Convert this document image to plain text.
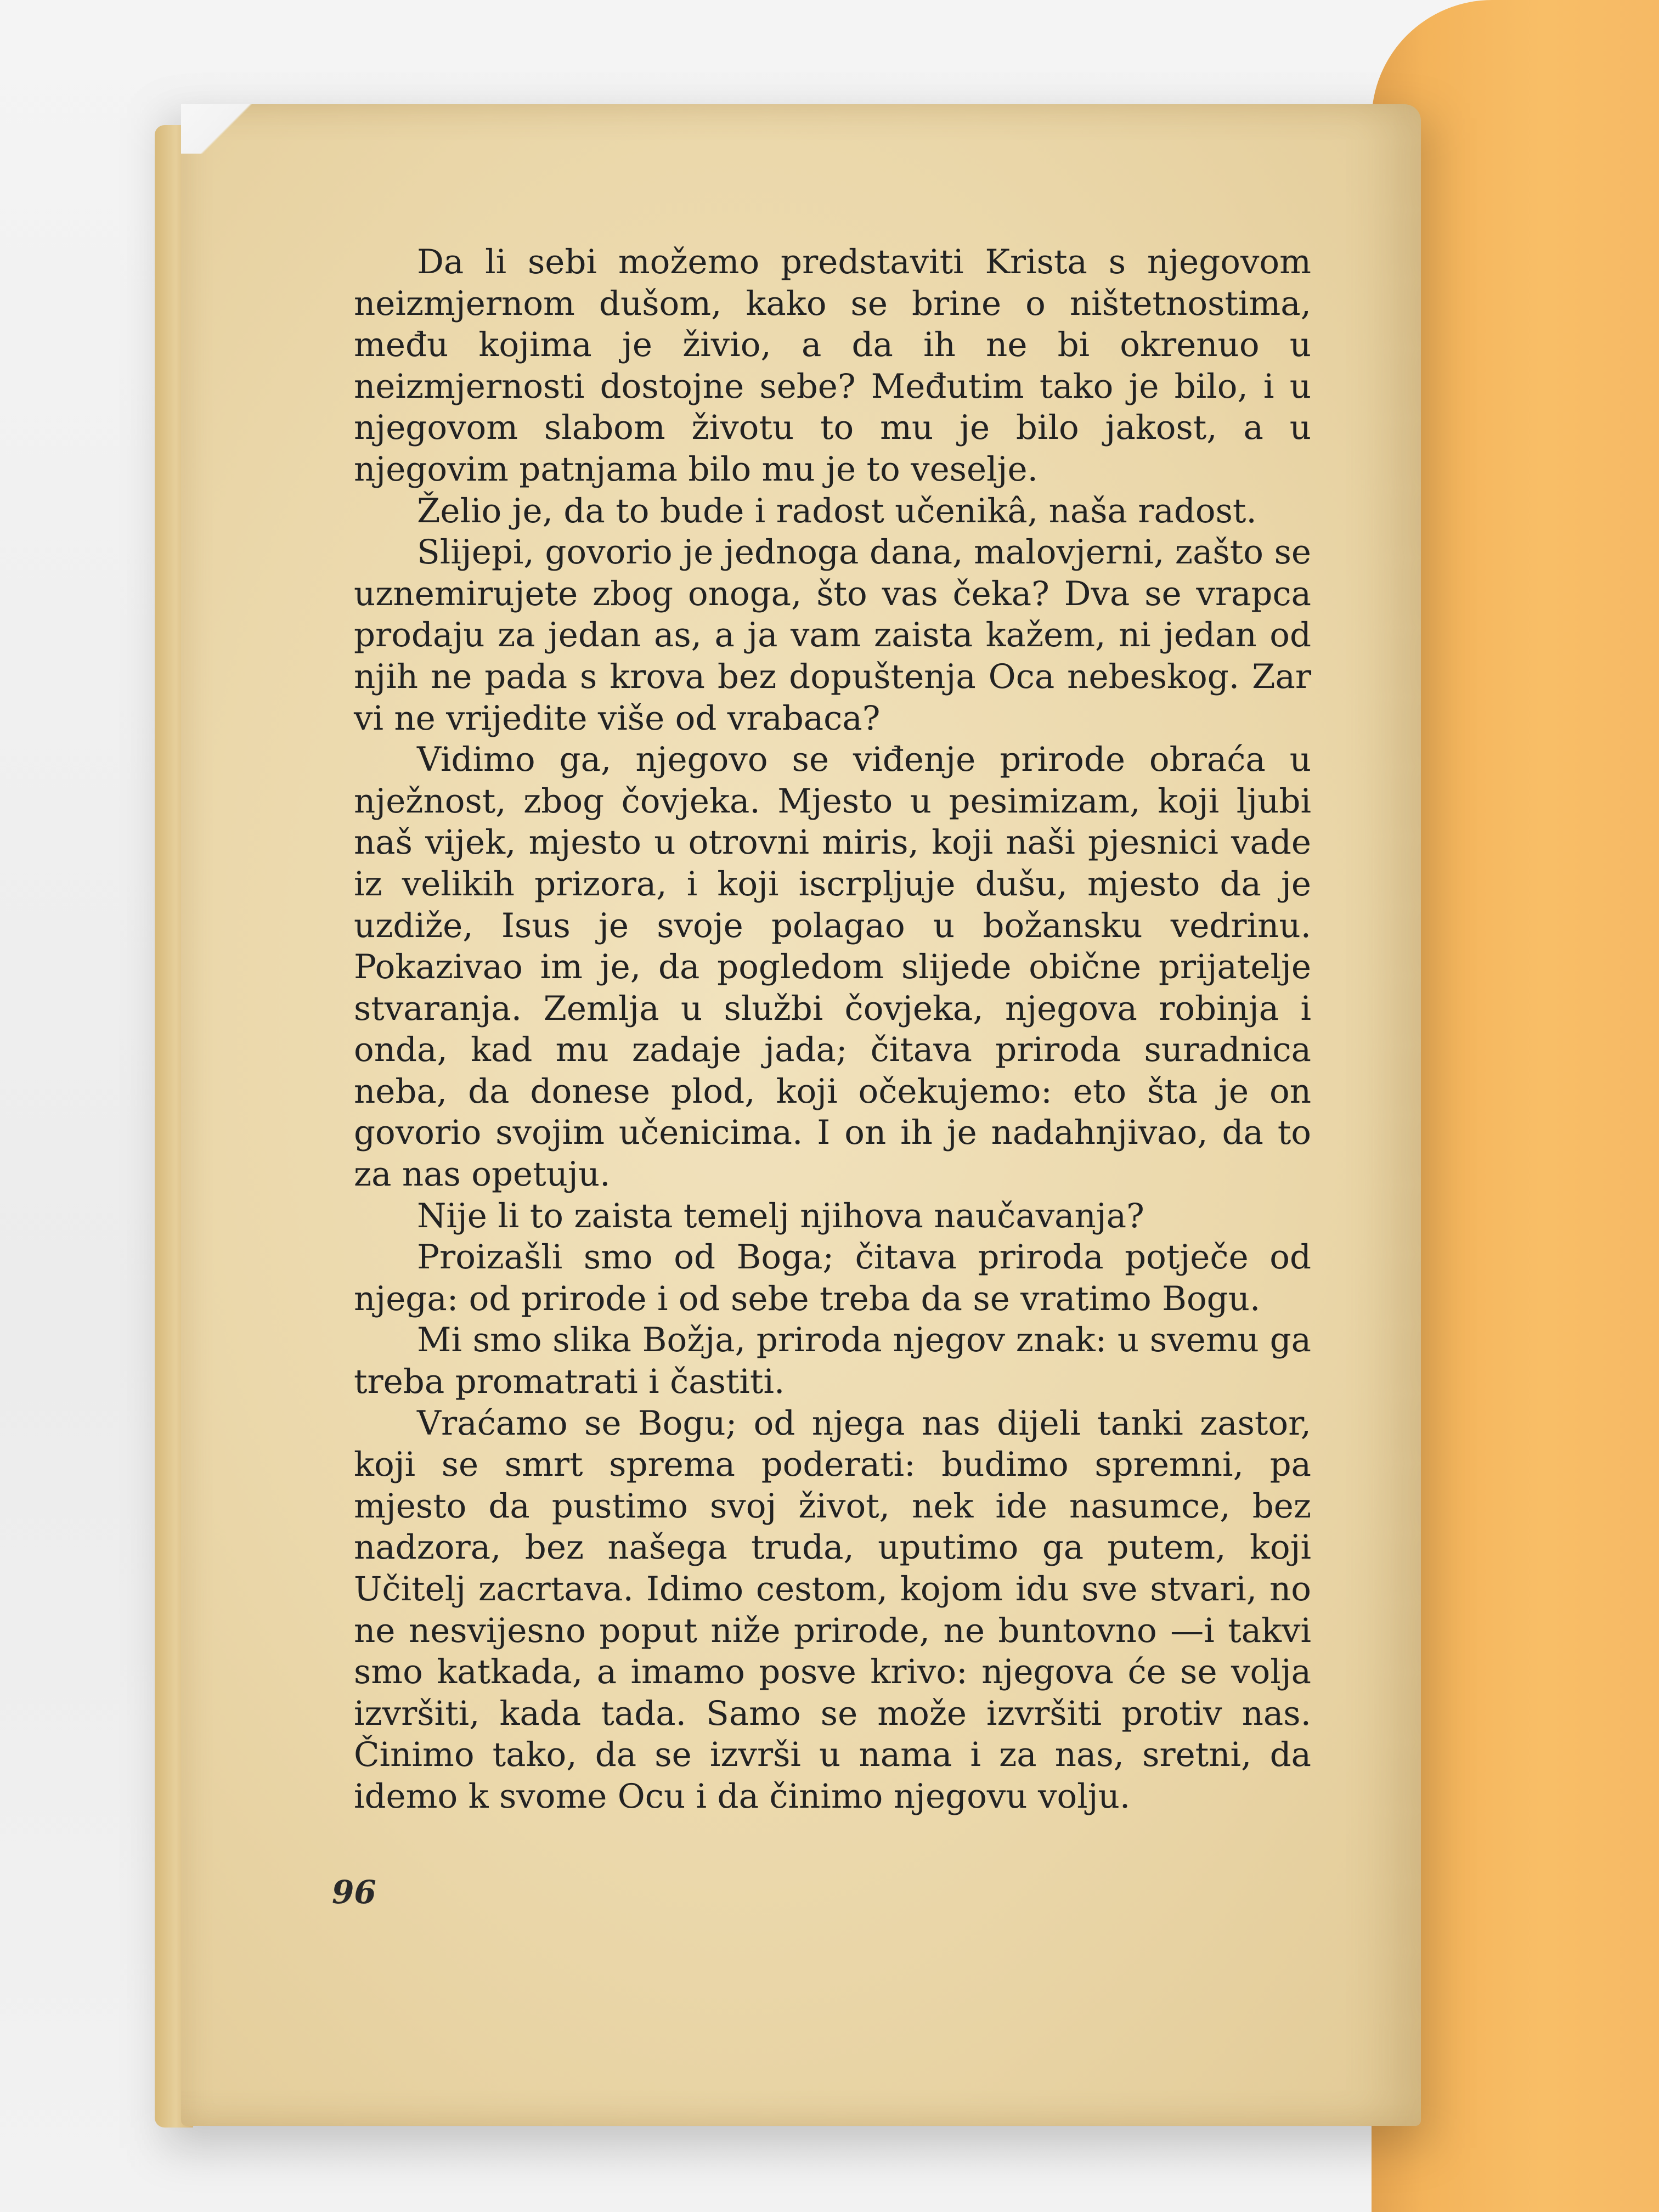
Da li sebi možemo predstaviti Krista s njegovom neizmjernom dušom, kako se brine o ništetnostima, među kojima je živio, a da ih ne bi okrenuo u neizmjernosti dostojne sebe? Međutim tako je bilo, i u njegovom slabom životu to mu je bilo jakost, a u njegovim patnjama bilo mu je to veselje.

Želio je, da to bude i radost učenikâ, naša radost.

Slijepi, govorio je jednoga dana, malovjerni, zašto se uznemirujete zbog onoga, što vas čeka? Dva se vrapca prodaju za jedan as, a ja vam zaista kažem, ni jedan od njih ne pada s krova bez dopuštenja Oca nebeskog. Zar vi ne vrijedite više od vrabaca?

Vidimo ga, njegovo se viđenje prirode obraća u nježnost, zbog čovjeka. Mjesto u pesimizam, koji ljubi naš vijek, mjesto u otrovni miris, koji naši pjesnici vade iz velikih prizora, i koji iscrpljuje dušu, mjesto da je uzdiže, Isus je svoje polagao u božansku vedrinu. Pokazivao im je, da pogledom slijede obične prijatelje stvaranja. Zemlja u službi čovjeka, njegova robinja i onda, kad mu zadaje jada; čitava priroda suradnica neba, da donese plod, koji očekujemo: eto šta je on govorio svojim učenicima. I on ih je nadahnjivao, da to za nas opetuju.

Nije li to zaista temelj njihova naučavanja?

Proizašli smo od Boga; čitava priroda potječe od njega: od prirode i od sebe treba da se vratimo Bogu.

Mi smo slika Božja, priroda njegov znak: u svemu ga treba promatrati i častiti.

Vraćamo se Bogu; od njega nas dijeli tanki zastor, koji se smrt sprema poderati: budimo spremni, pa mjesto da pustimo svoj život, nek ide nasumce, bez nadzora, bez našega truda, uputimo ga putem, koji Učitelj zacrtava. Idimo cestom, kojom idu sve stvari, no ne nesvijesno poput niže prirode, ne buntovno —i takvi smo katkada, a imamo posve krivo: njegova će se volja izvršiti, kada tada. Samo se može izvršiti protiv nas. Činimo tako, da se izvrši u nama i za nas, sretni, da idemo k svome Ocu i da činimo njegovu volju.

96
